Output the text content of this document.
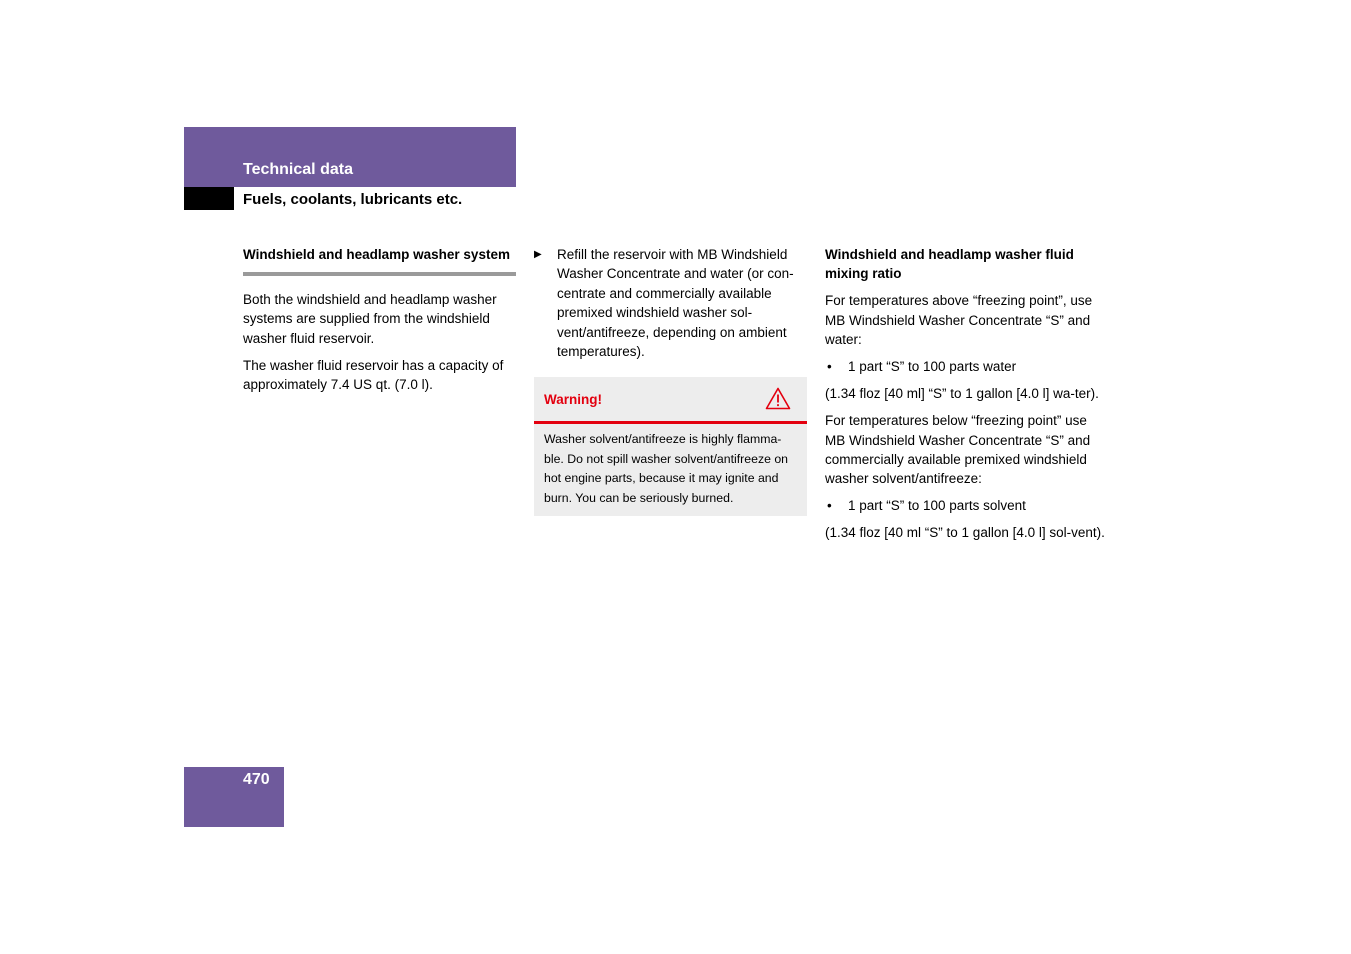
Technical data
Fuels, coolants, lubricants etc.

Windshield and headlamp washer system

Both the windshield and headlamp washer systems are supplied from the windshield washer fluid reservoir.

The washer fluid reservoir has a capacity of approximately 7.4 US qt. (7.0 l).

▶ Refill the reservoir with MB Windshield Washer Concentrate and water (or con-centrate and commercially available premixed windshield washer sol-vent/antifreeze, depending on ambient temperatures).
Warning!
Washer solvent/antifreeze is highly flamma-ble. Do not spill washer solvent/antifreeze on hot engine parts, because it may ignite and burn. You can be seriously burned.

Windshield and headlamp washer fluid mixing ratio

For temperatures above “freezing point”, use MB Windshield Washer Concentrate “S” and water:

• 1 part “S” to 100 parts water

(1.34 floz [40 ml] “S” to 1 gallon [4.0 l] wa-ter).

For temperatures below “freezing point” use MB Windshield Washer Concentrate “S” and commercially available premixed windshield washer solvent/antifreeze:

• 1 part “S” to 100 parts solvent

(1.34 floz [40 ml “S” to 1 gallon [4.0 l] sol-vent).

470
